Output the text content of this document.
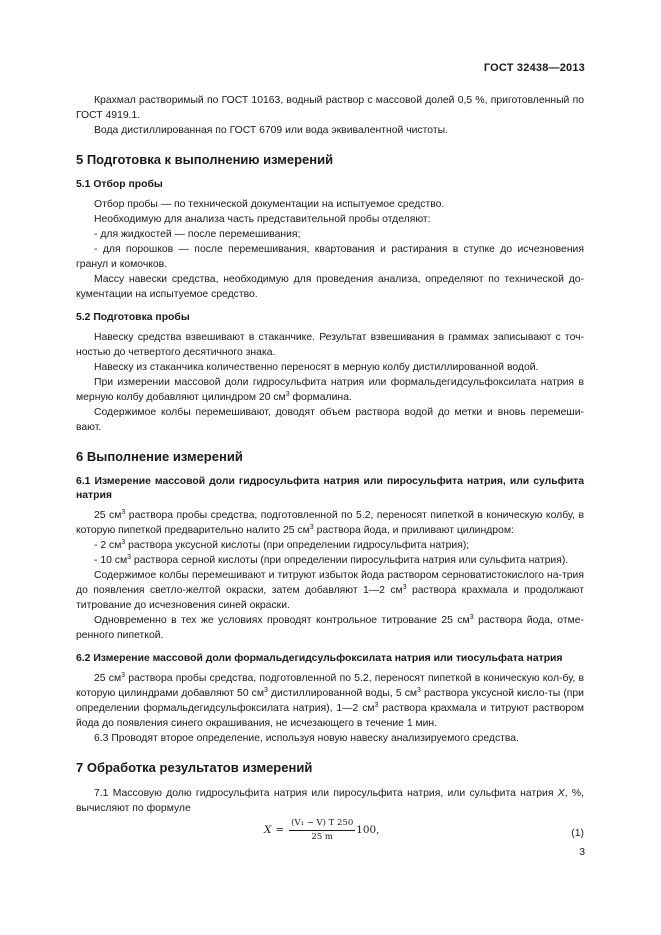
ГОСТ 32438—2013

Крахмал растворимый по ГОСТ 10163, водный раствор с массовой долей 0,5 %, приготовленный по ГОСТ 4919.1.

Вода дистиллированная по ГОСТ 6709 или вода эквивалентной чистоты.

5 Подготовка к выполнению измерений
5.1 Отбор пробы

Отбор пробы — по технической документации на испытуемое средство.

Необходимую для анализа часть представительной пробы отделяют:

- для жидкостей — после перемешивания;

- для порошков — после перемешивания, квартования и растирания в ступке до исчезновения гранул и комочков.

Массу навески средства, необходимую для проведения анализа, определяют по технической до-кументации на испытуемое средство.

5.2 Подготовка пробы

Навеску средства взвешивают в стаканчике. Результат взвешивания в граммах записывают с точ-ностью до четвертого десятичного знака.

Навеску из стаканчика количественно переносят в мерную колбу дистиллированной водой.

При измерении массовой доли гидросульфита натрия или формальдегидсульфоксилата натрия в мерную колбу добавляют цилиндром 20 $см^3$ формалина.

Содержимое колбы перемешивают, доводят объем раствора водой до метки и вновь перемеши-вают.

6 Выполнение измерений
6.1 Измерение массовой доли гидросульфита натрия или пиросульфита натрия, или сульфита натрия

25 $см^3$ раствора пробы средства, подготовленной по 5.2, переносят пипеткой в коническую колбу, в которую пипеткой предварительно налито 25 $см^3$ раствора йода, и приливают цилиндром:

- 2 $см^3$ раствора уксусной кислоты (при определении гидросульфита натрия);

- 10 $см^3$ раствора серной кислоты (при определении пиросульфита натрия или сульфита натрия).

Содержимое колбы перемешивают и титруют избыток йода раствором серноватистокислого на-трия до появления светло-желтой окраски, затем добавляют 1—2 $см^3$ раствора крахмала и продолжают титрование до исчезновения синей окраски.

Одновременно в тех же условиях проводят контрольное титрование 25 $см^3$ раствора йода, отме-ренного пипеткой.

6.2 Измерение массовой доли формальдегидсульфоксилата натрия или тиосульфата натрия

25 $см^3$ раствора пробы средства, подготовленной по 5.2, переносят пипеткой в коническую кол-бу, в которую цилиндрами добавляют 50 $см^3$ дистиллированной воды, 5 $см^3$ раствора уксусной кисло-ты (при определении формальдегидсульфоксилата натрия), 1—2 $см^3$ раствора крахмала и титруют раствором йода до появления синего окрашивания, не исчезающего в течение 1 мин.

6.3 Проводят второе определение, используя новую навеску анализируемого средства.

7 Обработка результатов измерений

7.1 Массовую долю гидросульфита натрия или пиросульфита натрия, или сульфита натрия X, %, вычисляют по формуле

$X = \frac{\text{(V₁ − V) T 250}}{25 m} 100$,	(1)
3
